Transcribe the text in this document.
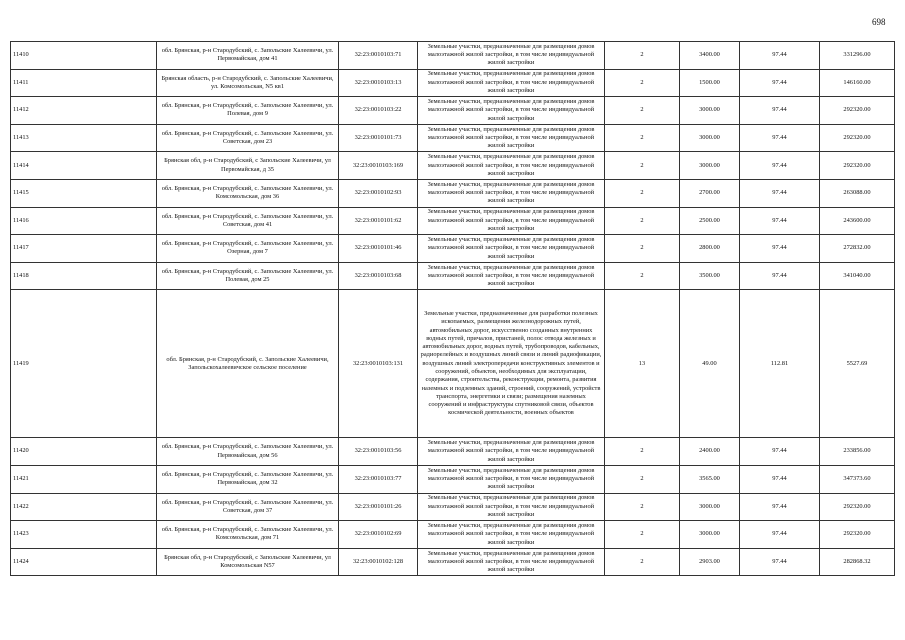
698
11410	обл. Брянская, р-н Стародубский, с. Запольские Халеевичи, ул. Первомайская, дом 41	32:23:0010103:71	Земельные участки, предназначенные для размещения домов малоэтажной жилой застройки, в том числе индивидуальной жилой застройки	2	3400.00	97.44	331296.00
11411	Брянская область, р-н Стародубский, с. Запольские Халеевичи, ул. Комсомольская, N5 кв1	32:23:0010103:13	Земельные участки, предназначенные для размещения домов малоэтажной жилой застройки, в том числе индивидуальной жилой застройки	2	1500.00	97.44	146160.00
11412	обл. Брянская, р-н Стародубский, с. Запольские Халеевичи, ул. Полевая, дом 9	32:23:0010103:22	Земельные участки, предназначенные для размещения домов малоэтажной жилой застройки, в том числе индивидуальной жилой застройки	2	3000.00	97.44	292320.00
11413	обл. Брянская, р-н Стародубский, с. Запольские Халеевичи, ул. Советская, дом 23	32:23:0010101:73	Земельные участки, предназначенные для размещения домов малоэтажной жилой застройки, в том числе индивидуальной жилой застройки	2	3000.00	97.44	292320.00
11414	Брянская обл, р-н Стародубский, с Запольские Халеевичи, ул Первомайская, д 35	32:23:0010103:169	Земельные участки, предназначенные для размещения домов малоэтажной жилой застройки, в том числе индивидуальной жилой застройки	2	3000.00	97.44	292320.00
11415	обл. Брянская, р-н Стародубский, с. Запольские Халеевичи, ул. Комсомольская, дом 36	32:23:0010102:93	Земельные участки, предназначенные для размещения домов малоэтажной жилой застройки, в том числе индивидуальной жилой застройки	2	2700.00	97.44	263088.00
11416	обл. Брянская, р-н Стародубский, с. Запольские Халеевичи, ул. Советская, дом 41	32:23:0010101:62	Земельные участки, предназначенные для размещения домов малоэтажной жилой застройки, в том числе индивидуальной жилой застройки	2	2500.00	97.44	243600.00
11417	обл. Брянская, р-н Стародубский, с. Запольские Халеевичи, ул. Озерная, дом 7	32:23:0010101:46	Земельные участки, предназначенные для размещения домов малоэтажной жилой застройки, в том числе индивидуальной жилой застройки	2	2800.00	97.44	272832.00
11418	обл. Брянская, р-н Стародубский, с. Запольские Халеевичи, ул. Полевая, дом 25	32:23:0010103:68	Земельные участки, предназначенные для размещения домов малоэтажной жилой застройки, в том числе индивидуальной жилой застройки	2	3500.00	97.44	341040.00
11419	обл. Брянская, р-н Стародубский, с. Запольские Халеевичи, Запольскохалеевичское сельское поселение	32:23:0010103:131	Земельные участки, предназначенные для разработки полезных ископаемых, размещения железнодорожных путей, автомобильных дорог, искусственно созданных внутренних водных путей, причалов, пристаней, полос отвода железных и автомобильных дорог, водных путей, трубопроводов, кабельных, радиорелейных и воздушных линий связи и линий радиофикации, воздушных линий электропередачи конструктивных элементов и сооружений, объектов, необходимых для эксплуатации, содержания, строительства, реконструкции, ремонта, развития наземных и подземных зданий, строений, сооружений, устройств транспорта, энергетики и связи; размещения наземных сооружений и инфраструктуры спутниковой связи, объектов космической деятельности, военных объектов	13	49.00	112.81	5527.69
11420	обл. Брянская, р-н Стародубский, с. Запольские Халеевичи, ул. Первомайская, дом 56	32:23:0010103:56	Земельные участки, предназначенные для размещения домов малоэтажной жилой застройки, в том числе индивидуальной жилой застройки	2	2400.00	97.44	233856.00
11421	обл. Брянская, р-н Стародубский, с. Запольские Халеевичи, ул. Первомайская, дом 32	32:23:0010103:77	Земельные участки, предназначенные для размещения домов малоэтажной жилой застройки, в том числе индивидуальной жилой застройки	2	3565.00	97.44	347373.60
11422	обл. Брянская, р-н Стародубский, с. Запольские Халеевичи, ул. Советская, дом 37	32:23:0010101:26	Земельные участки, предназначенные для размещения домов малоэтажной жилой застройки, в том числе индивидуальной жилой застройки	2	3000.00	97.44	292320.00
11423	обл. Брянская, р-н Стародубский, с. Запольские Халеевичи, ул. Комсомольская, дом 71	32:23:0010102:69	Земельные участки, предназначенные для размещения домов малоэтажной жилой застройки, в том числе индивидуальной жилой застройки	2	3000.00	97.44	292320.00
11424	Брянская обл, р-н Стародубский, с Запольские Халеевичи, ул Комсомольская N57	32:23:0010102:128	Земельные участки, предназначенные для размещения домов малоэтажной жилой застройки, в том числе индивидуальной жилой застройки	2	2903.00	97.44	282868.32
